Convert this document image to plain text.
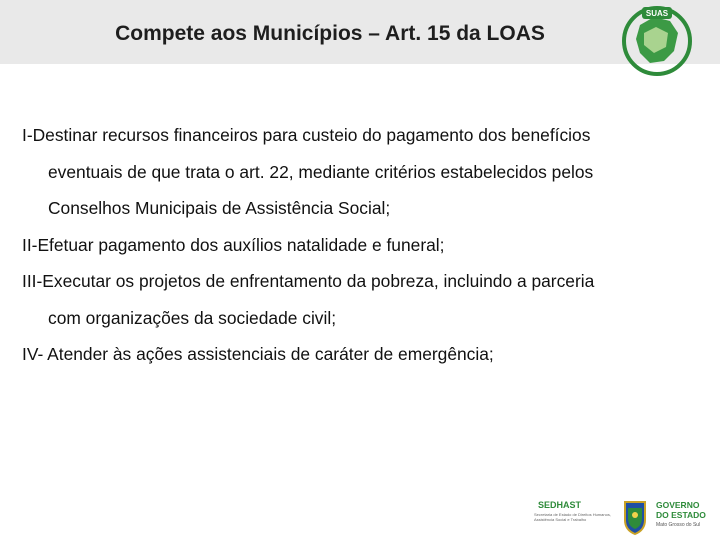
Compete aos Municípios – Art. 15 da LOAS
SUAS

I-Destinar recursos financeiros para custeio do pagamento dos benefícios
eventuais de que trata o art. 22, mediante critérios estabelecidos pelos
Conselhos Municipais de Assistência Social;

II-Efetuar pagamento dos auxílios natalidade e funeral;

III-Executar os projetos de enfrentamento da pobreza, incluindo a parceria
com organizações da sociedade civil;

IV- Atender às ações assistenciais de caráter de emergência;

SEDHAST
Secretaria de Estado de Direitos Humanos, Assistência Social e Trabalho
GOVERNO
DO ESTADO
Mato Grosso do Sul
